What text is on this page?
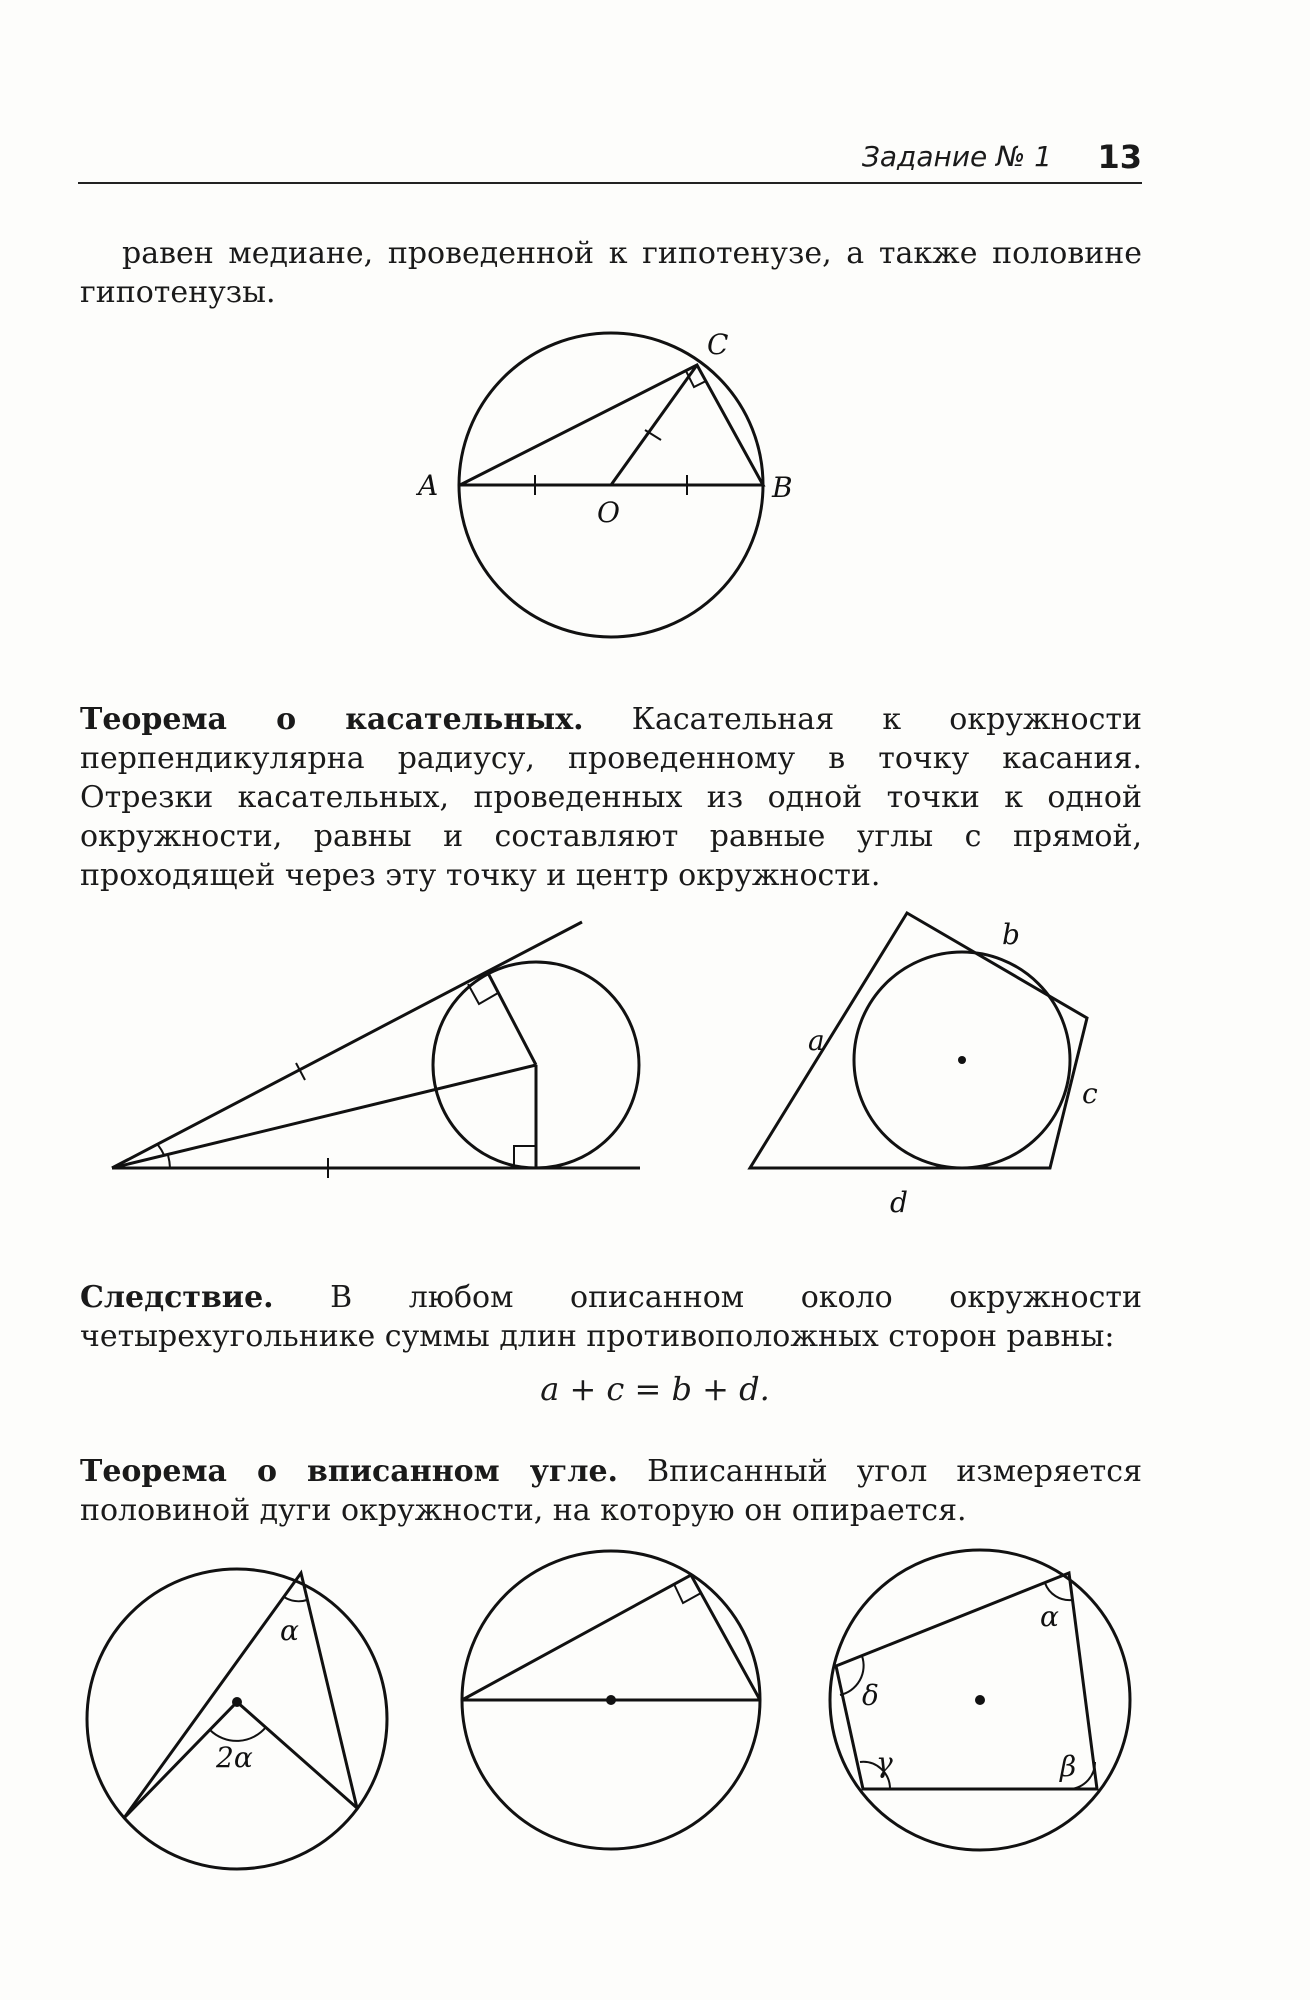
Задание № 1 13
равен медиане, проведенной к гипотенузе, а также половине гипотенузы.
A	B
C
O
Теорема о касательных. Касательная к окружности перпендикулярна радиусу, проведенному в точку касания. Отрезки касательных, проведенных из одной точки к одной окружности, равны и составляют равные углы с прямой, проходящей через эту точку и центр окружности.
b
a
c
d
Следствие. В любом описанном около окружности четырехугольнике суммы длин противоположных сторон равны:
a + c = b + d.
Теорема о вписанном угле. Вписанный угол измеряется половиной дуги окружности, на которую он опирается.
α
2α
α
β
γ
δ
